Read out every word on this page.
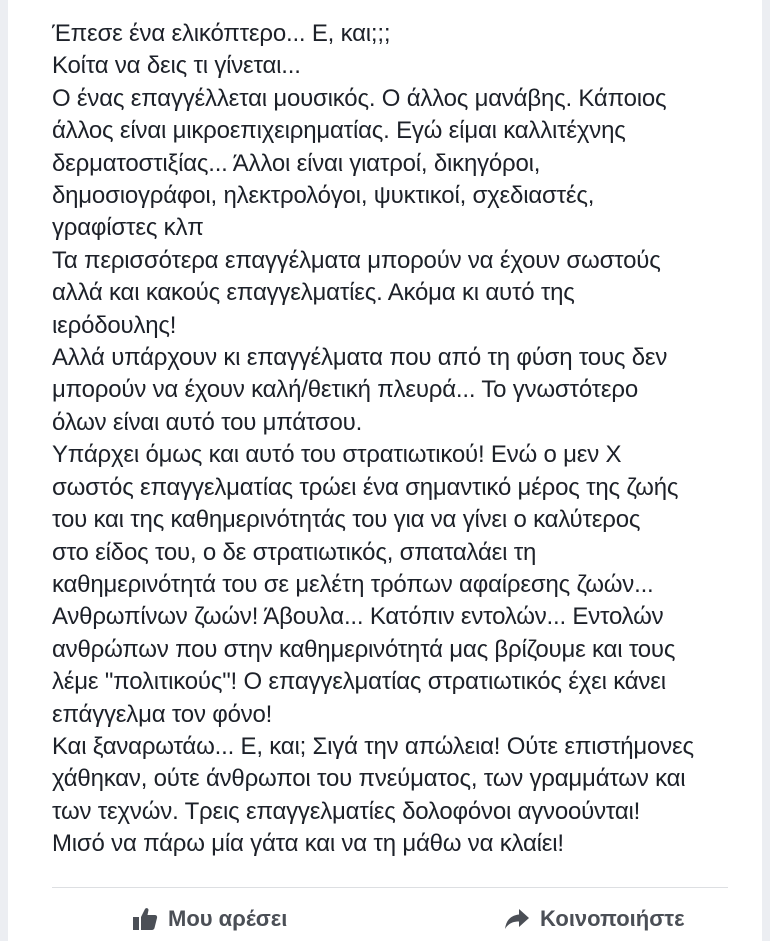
Έπεσε ένα ελικόπτερο... Ε, και;;;
Κοίτα να δεις τι γίνεται...
Ο ένας επαγγέλλεται μουσικός. Ο άλλος μανάβης. Κάποιος
άλλος είναι μικροεπιχειρηματίας. Εγώ είμαι καλλιτέχνης
δερματοστιξίας... Άλλοι είναι γιατροί, δικηγόροι,
δημοσιογράφοι, ηλεκτρολόγοι, ψυκτικοί, σχεδιαστές,
γραφίστες κλπ
Τα περισσότερα επαγγέλματα μπορούν να έχουν σωστούς
αλλά και κακούς επαγγελματίες. Ακόμα κι αυτό της
ιερόδουλης!
Αλλά υπάρχουν κι επαγγέλματα που από τη φύση τους δεν
μπορούν να έχουν καλή/θετική πλευρά... Το γνωστότερο
όλων είναι αυτό του μπάτσου.
Υπάρχει όμως και αυτό του στρατιωτικού! Ενώ ο μεν Χ
σωστός επαγγελματίας τρώει ένα σημαντικό μέρος της ζωής
του και της καθημερινότητάς του για να γίνει ο καλύτερος
στο είδος του, ο δε στρατιωτικός, σπαταλάει τη
καθημερινότητά του σε μελέτη τρόπων αφαίρεσης ζωών...
Ανθρωπίνων ζωών! Άβουλα... Κατόπιν εντολών... Εντολών
ανθρώπων που στην καθημερινότητά μας βρίζουμε και τους
λέμε "πολιτικούς"! Ο επαγγελματίας στρατιωτικός έχει κάνει
επάγγελμα τον φόνο!
Και ξαναρωτάω... Ε, και; Σιγά την απώλεια! Ούτε επιστήμονες
χάθηκαν, ούτε άνθρωποι του πνεύματος, των γραμμάτων και
των τεχνών. Τρεις επαγγελματίες δολοφόνοι αγνοούνται!
Μισό να πάρω μία γάτα και να τη μάθω να κλαίει!
Μου αρέσει	Κοινοποιήστε
